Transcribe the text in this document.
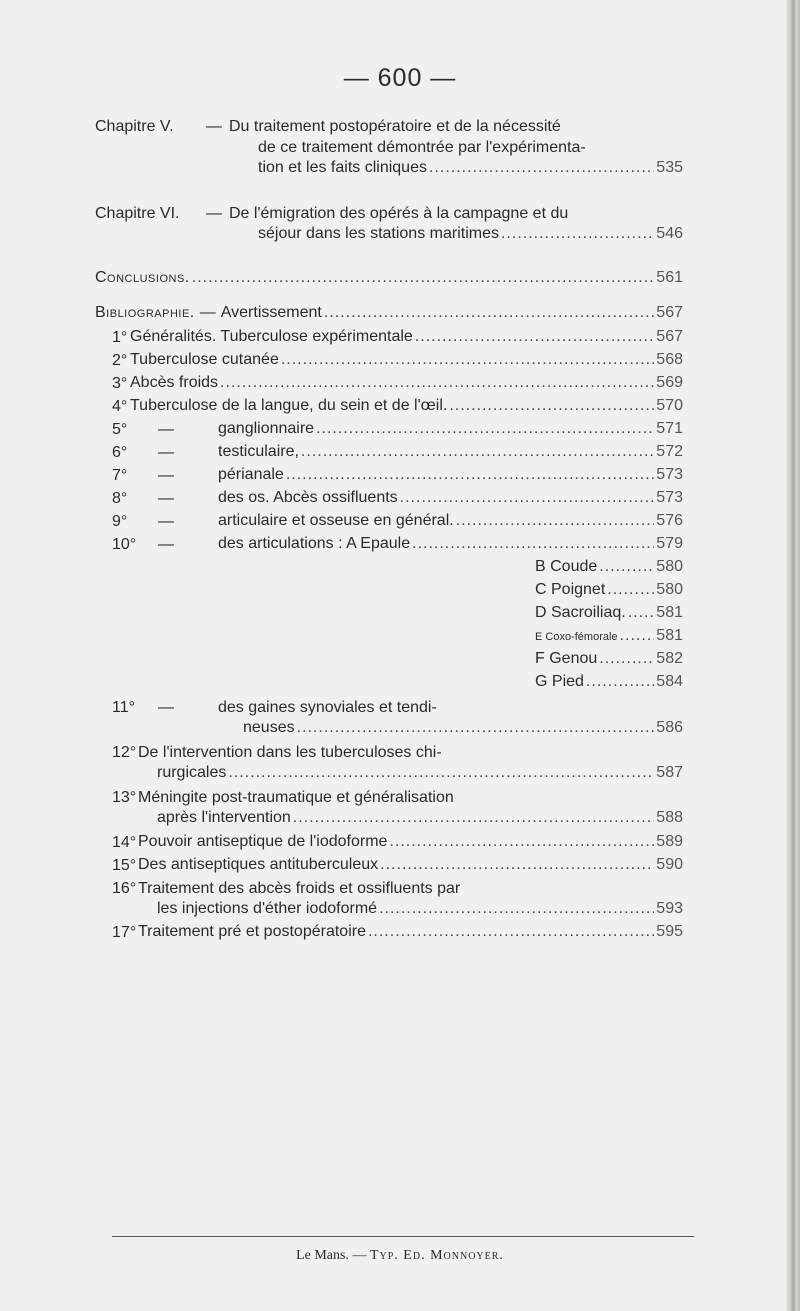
— 600 —
Chapitre V. — Du traitement postopératoire et de la nécessité
de ce traitement démontrée par l'expérimenta-
tion et les faits cliniques .....	535
Chapitre VI. — De l'émigration des opérés à la campagne et du
séjour dans les stations maritimes .....	546
Conclusions. .....	561
Bibliographie. — Avertissement .....	567
1° Généralités. Tuberculose expérimentale .....	567
2° Tuberculose cutanée .....	568
3° Abcès froids .....	569
4° Tuberculose de la langue, du sein et de l'œil. .....	570
5° —	ganglionnaire .....	571
6° —	testiculaire, .....	572
7° —	périanale .....	573
8° —	des os. Abcès ossifluents .....	573
9° —	articulaire et osseuse en général. .....	576
10° —	des articulations : A Epaule .....	579
B Coude .....	580
C Poignet .....	580
D Sacroiliaq. ..... 581
E Coxo-fémorale ..... 581
F Genou .....	582
G Pied .....	584
11° —	des gaines synoviales et tendi-
neuses .....	586
12° De l'intervention dans les tuberculoses chi-
rurgicales .....	587
13° Méningite post-traumatique et généralisation
après l'intervention .....	588
14° Pouvoir antiseptique de l'iodoforme .....	589
15° Des antiseptiques antituberculeux .....	590
16° Traitement des abcès froids et ossifluents par
les injections d'éther iodoformé .....	593
17° Traitement pré et postopératoire .....	595
Le Mans. — Typ. Ed. Monnoyer.
